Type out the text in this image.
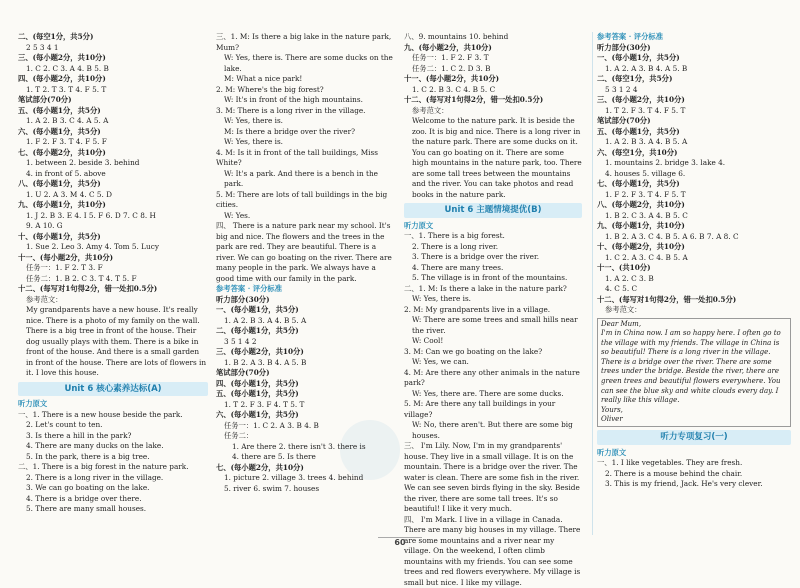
二、(每空1分，共5分)
2 5 3 4 1
三、(每小题2分，共10分)
1. C 2. C 3. A 4. B 5. B
四、(每小题2分，共10分)
1. T 2. T 3. T 4. F 5. T
笔试部分(70分)
五、(每小题1分，共5分)
1. A 2. B 3. C 4. A 5. A
六、(每小题1分，共5分)
1. F 2. F 3. T 4. F 5. F
七、(每小题2分，共10分)
1. between 2. beside 3. behind
4. in front of 5. above
八、(每小题1分，共5分)
1. U 2. A 3. M 4. C 5. D
九、(每小题1分，共10分)
1. J 2. B 3. E 4. I 5. F 6. D 7. C 8. H
9. A 10. G
十、(每小题1分，共5分)
1. Sue 2. Leo 3. Amy 4. Tom 5. Lucy
十一、(每小题2分，共10分)
任务一：1. F 2. T 3. F
任务二：1. B 2. C 3. T 4. T 5. F
十二、(每写对1句得2分，错一处扣0.5分)
参考范文：
My grandparents have a new house. It's really nice. There is a photo of my family on the wall. There is a big tree in front of the house. Their dog usually plays with them. There is a bike in front of the house. And there is a small garden in front of the house. There are lots of flowers in it. I love this house.
Unit 6 核心素养达标(A)
听力原文
一、1. There is a new house beside the park.
2. Let's count to ten.
3. Is there a hill in the park?
4. There are many ducks on the lake.
5. In the park, there is a big tree.
二、1. There is a big forest in the nature park.
2. There is a long river in the village.
3. We can go boating on the lake.
4. There is a bridge over there.
5. There are many small houses.
三、1. M: Is there a big lake in the nature park, Mum?
W: Yes, there is. There are some ducks on the lake.
M: What a nice park!
2. M: Where's the big forest?
W: It's in front of the high mountains.
3. M: There is a long river in the village.
W: Yes, there is.
M: Is there a bridge over the river?
W: Yes, there is.
4. M: Is it in front of the tall buildings, Miss White?
W: It's a park. And there is a bench in the park.
5. M: There are lots of tall buildings in the big cities.
W: Yes.
四、 There is a nature park near my school. It's big and nice. The flowers and the trees in the park are red. They are beautiful. There is a river. We can go boating on the river. There are many people in the park. We always have a good time with our family in the park.
参考答案 · 评分标准
听力部分(30分)
一、(每小题1分，共5分)
1. A 2. B 3. A 4. B 5. A
二、(每小题1分，共5分)
3 5 1 4 2
三、(每小题2分，共10分)
1. B 2. A 3. B 4. A 5. B
笔试部分(70分)
四、(每小题1分，共5分)
五、(每小题1分，共5分)
1. T 2. F 3. F 4. T 5. T
六、(每小题1分，共5分)
任务一：1. C 2. A 3. B 4. B
任务二：
1. Are there 2. there isn't 3. there is
4. there are 5. Is there
七、(每小题2分，共10分)
1. picture 2. village 3. trees 4. behind
5. river 6. swim 7. houses
八、9. mountains 10. behind
九、(每小题2分，共10分)
任务一：1. F 2. F 3. T
任务二：1. C 2. D 3. B
十一、(每小题2分，共10分)
1. C 2. B 3. C 4. B 5. C
十二、(每写对1句得2分，错一处扣0.5分)
参考范文：
Welcome to the nature park. It is beside the zoo. It is big and nice. There is a long river in the nature park. There are some ducks on it. You can go boating on it. There are some high mountains in the nature park, too. There are some tall trees between the mountains and the river. You can take photos and read books in the nature park.
Unit 6 主题情境提优(B)
听力原文
一、1. There is a big forest.
2. There is a long river.
3. There is a bridge over the river.
4. There are many trees.
5. The village is in front of the mountains.
二、1. M: Is there a lake in the nature park?
W: Yes, there is.
2. M: My grandparents live in a village.
W: There are some trees and small hills near the river.
W: Cool!
3. M: Can we go boating on the lake?
W: Yes, we can.
4. M: Are there any other animals in the nature park?
W: Yes, there are. There are some ducks.
5. M: Are there any tall buildings in your village?
W: No, there aren't. But there are some big houses.
三、 I'm Lily. Now, I'm in my grandparents' house. They live in a small village. It is on the mountain. There is a bridge over the river. The water is clean. There are some fish in the river. We can see seven birds flying in the sky. Beside the river, there are some tall trees. It's so beautiful! I like it very much.
四、 I'm Mark. I live in a village in Canada. There are many big houses in my village. There are some mountains and a river near my village. On the weekend, I often climb mountains with my friends. You can see some trees and red flowers everywhere. My village is small but nice. I like my village.
参考答案 · 评分标准
听力部分(30分)
一、(每小题1分，共5分)
1. A 2. A 3. B 4. A 5. B
二、(每空1分，共5分)
5 3 1 2 4
三、(每小题2分，共10分)
1. T 2. F 3. T 4. F 5. T
笔试部分(70分)
五、(每小题1分，共5分)
1. A 2. B 3. A 4. B 5. A
六、(每空1分，共10分)
1. mountains 2. bridge 3. lake 4.
4. houses 5. village 6.
七、(每小题1分，共5分)
1. F 2. F 3. T 4. F 5. T
八、(每小题2分，共10分)
1. B 2. C 3. A 4. B 5. C
九、(每小题1分，共10分)
1. B 2. A 3. C 4. B 5. A 6. B 7. A 8. C
十、(每小题2分，共10分)
1. C 2. A 3. C 4. B 5. A
十一、(共10分)
1. A 2. C 3. B
4. C 5. C
十二、(每写对1句得2分，错一处扣0.5分)
参考范文：
Dear Mum,
I'm in China now. I am so happy here. I often go to the village with my friends. The village in China is so beautiful! There is a long river in the village. There is a bridge over the river. There are some trees under the bridge. Beside the river, there are green trees and beautiful flowers everywhere. You can see the blue sky and white clouds every day. I really like this village.
Yours,
Oliver
听力专项复习(一)
听力原文
一、1. I like vegetables. They are fresh.
2. There is a mouse behind the chair.
3. This is my friend, Jack. He's very clever.
60
